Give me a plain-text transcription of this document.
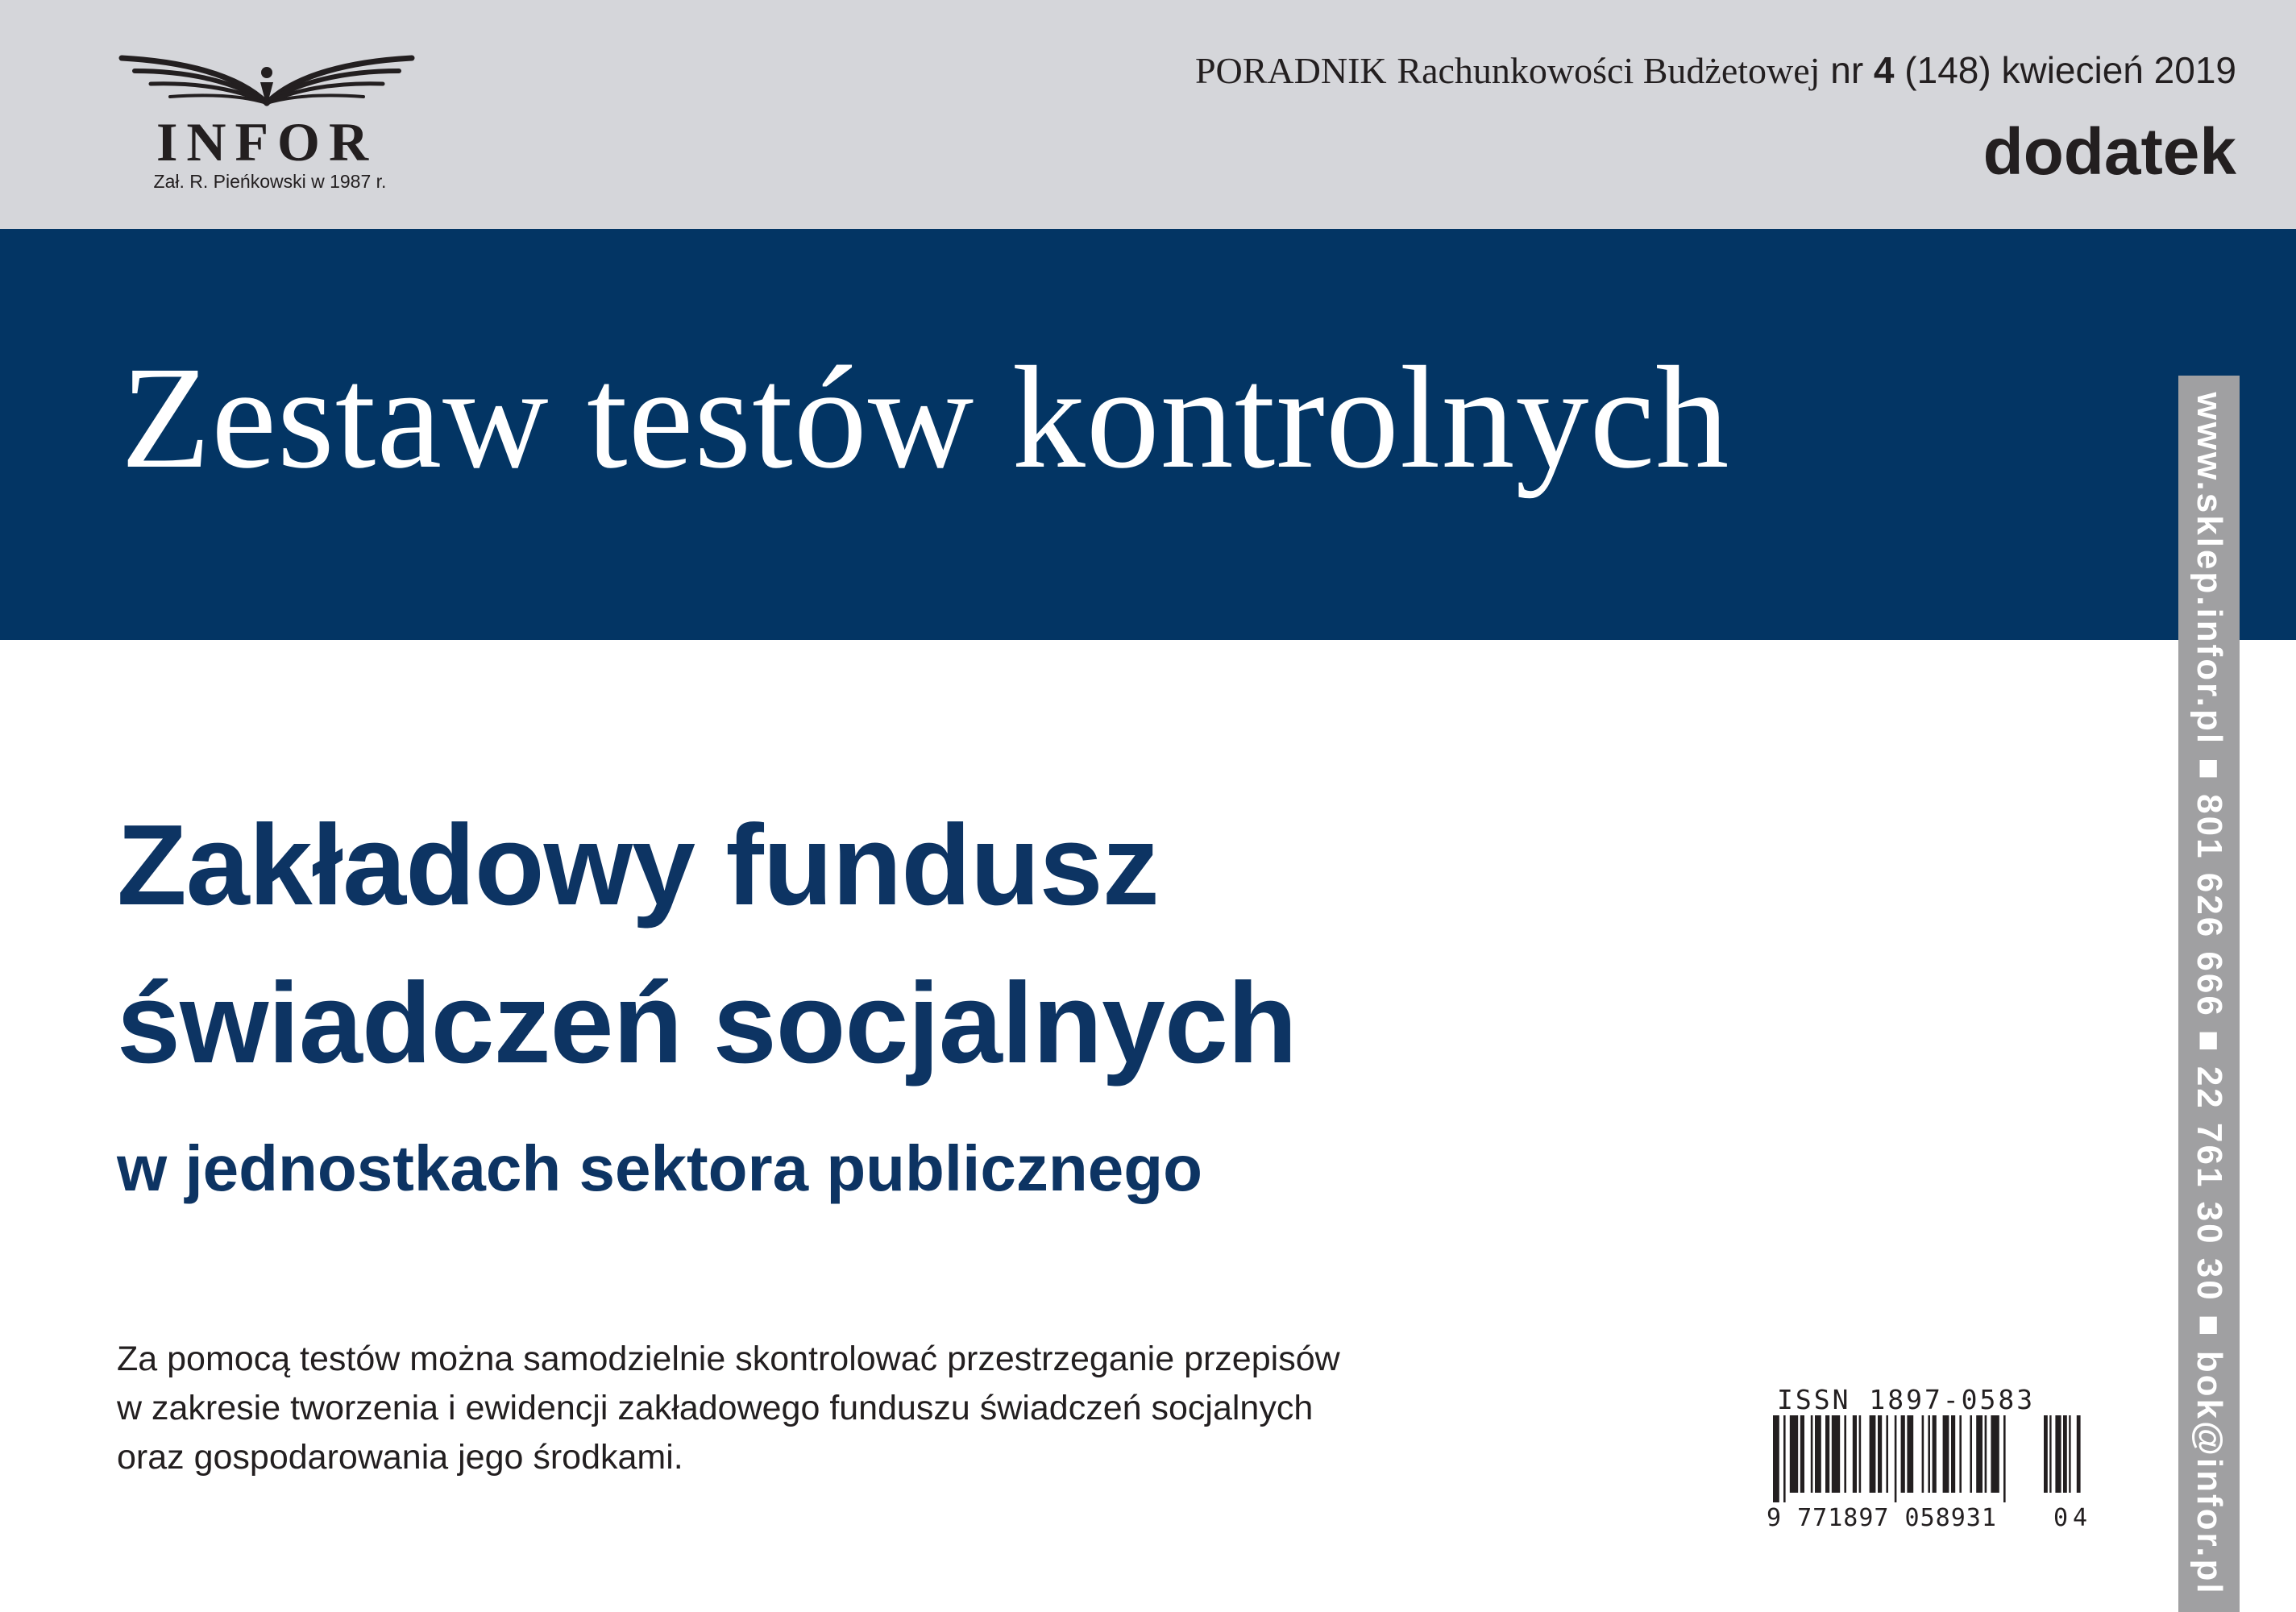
INFOR
Zał. R. Pieńkowski w 1987 r.
PORADNIK Rachunkowości Budżetowej nr 4 (148) kwiecień 2019
dodatek
Zestaw testów kontrolnych	www.sklep.infor.pl ■ 801 626 666 ■ 22 761 30 30 ■ bok@infor.pl
Zakładowy fundusz
świadczeń socjalnych
w jednostkach sektora publicznego
Za pomocą testów można samodzielnie skontrolować przestrzeganie przepisów
w zakresie tworzenia i ewidencji zakładowego funduszu świadczeń socjalnych
oraz gospodarowania jego środkami.
ISSN 1897-0583
9 771897 058931 04
